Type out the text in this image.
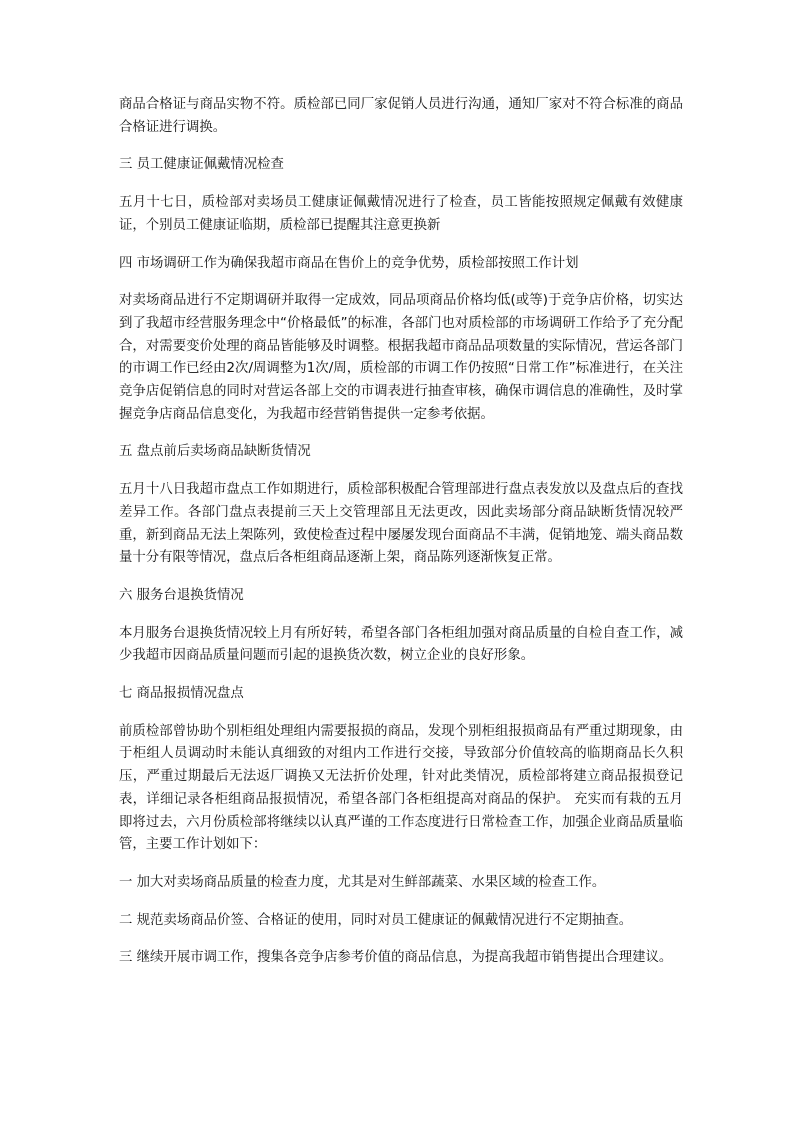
商品合格证与商品实物不符。质检部已同厂家促销人员进行沟通，通知厂家对不符合标准的商品合格证进行调换。

三 员工健康证佩戴情况检查

五月十七日，质检部对卖场员工健康证佩戴情况进行了检查，员工皆能按照规定佩戴有效健康证，个别员工健康证临期，质检部已提醒其注意更换新

四 市场调研工作为确保我超市商品在售价上的竞争优势，质检部按照工作计划

对卖场商品进行不定期调研并取得一定成效，同品项商品价格均低(或等)于竞争店价格，切实达到了我超市经营服务理念中“价格最低”的标准，各部门也对质检部的市场调研工作给予了充分配合，对需要变价处理的商品皆能够及时调整。根据我超市商品品项数量的实际情况，营运各部门的市调工作已经由2次/周调整为1次/周，质检部的市调工作仍按照“日常工作”标准进行，在关注竞争店促销信息的同时对营运各部上交的市调表进行抽查审核，确保市调信息的准确性，及时掌握竞争店商品信息变化，为我超市经营销售提供一定参考依据。

五 盘点前后卖场商品缺断货情况

五月十八日我超市盘点工作如期进行，质检部积极配合管理部进行盘点表发放以及盘点后的查找差异工作。各部门盘点表提前三天上交管理部且无法更改，因此卖场部分商品缺断货情况较严重，新到商品无法上架陈列，致使检查过程中屡屡发现台面商品不丰满，促销地笼、端头商品数量十分有限等情况，盘点后各柜组商品逐渐上架，商品陈列逐渐恢复正常。

六 服务台退换货情况

本月服务台退换货情况较上月有所好转，希望各部门各柜组加强对商品质量的自检自查工作，减少我超市因商品质量问题而引起的退换货次数，树立企业的良好形象。

七 商品报损情况盘点

前质检部曾协助个别柜组处理组内需要报损的商品，发现个别柜组报损商品有严重过期现象，由于柜组人员调动时未能认真细致的对组内工作进行交接，导致部分价值较高的临期商品长久积压，严重过期最后无法返厂调换又无法折价处理，针对此类情况，质检部将建立商品报损登记表，详细记录各柜组商品报损情况，希望各部门各柜组提高对商品的保护。 充实而有栽的五月即将过去，六月份质检部将继续以认真严谨的工作态度进行日常检查工作，加强企业商品质量临管，主要工作计划如下：

一 加大对卖场商品质量的检查力度，尤其是对生鲜部蔬菜、水果区域的检查工作。

二 规范卖场商品价签、合格证的使用，同时对员工健康证的佩戴情况进行不定期抽查。

三 继续开展市调工作，搜集各竞争店参考价值的商品信息，为提高我超市销售提出合理建议。
